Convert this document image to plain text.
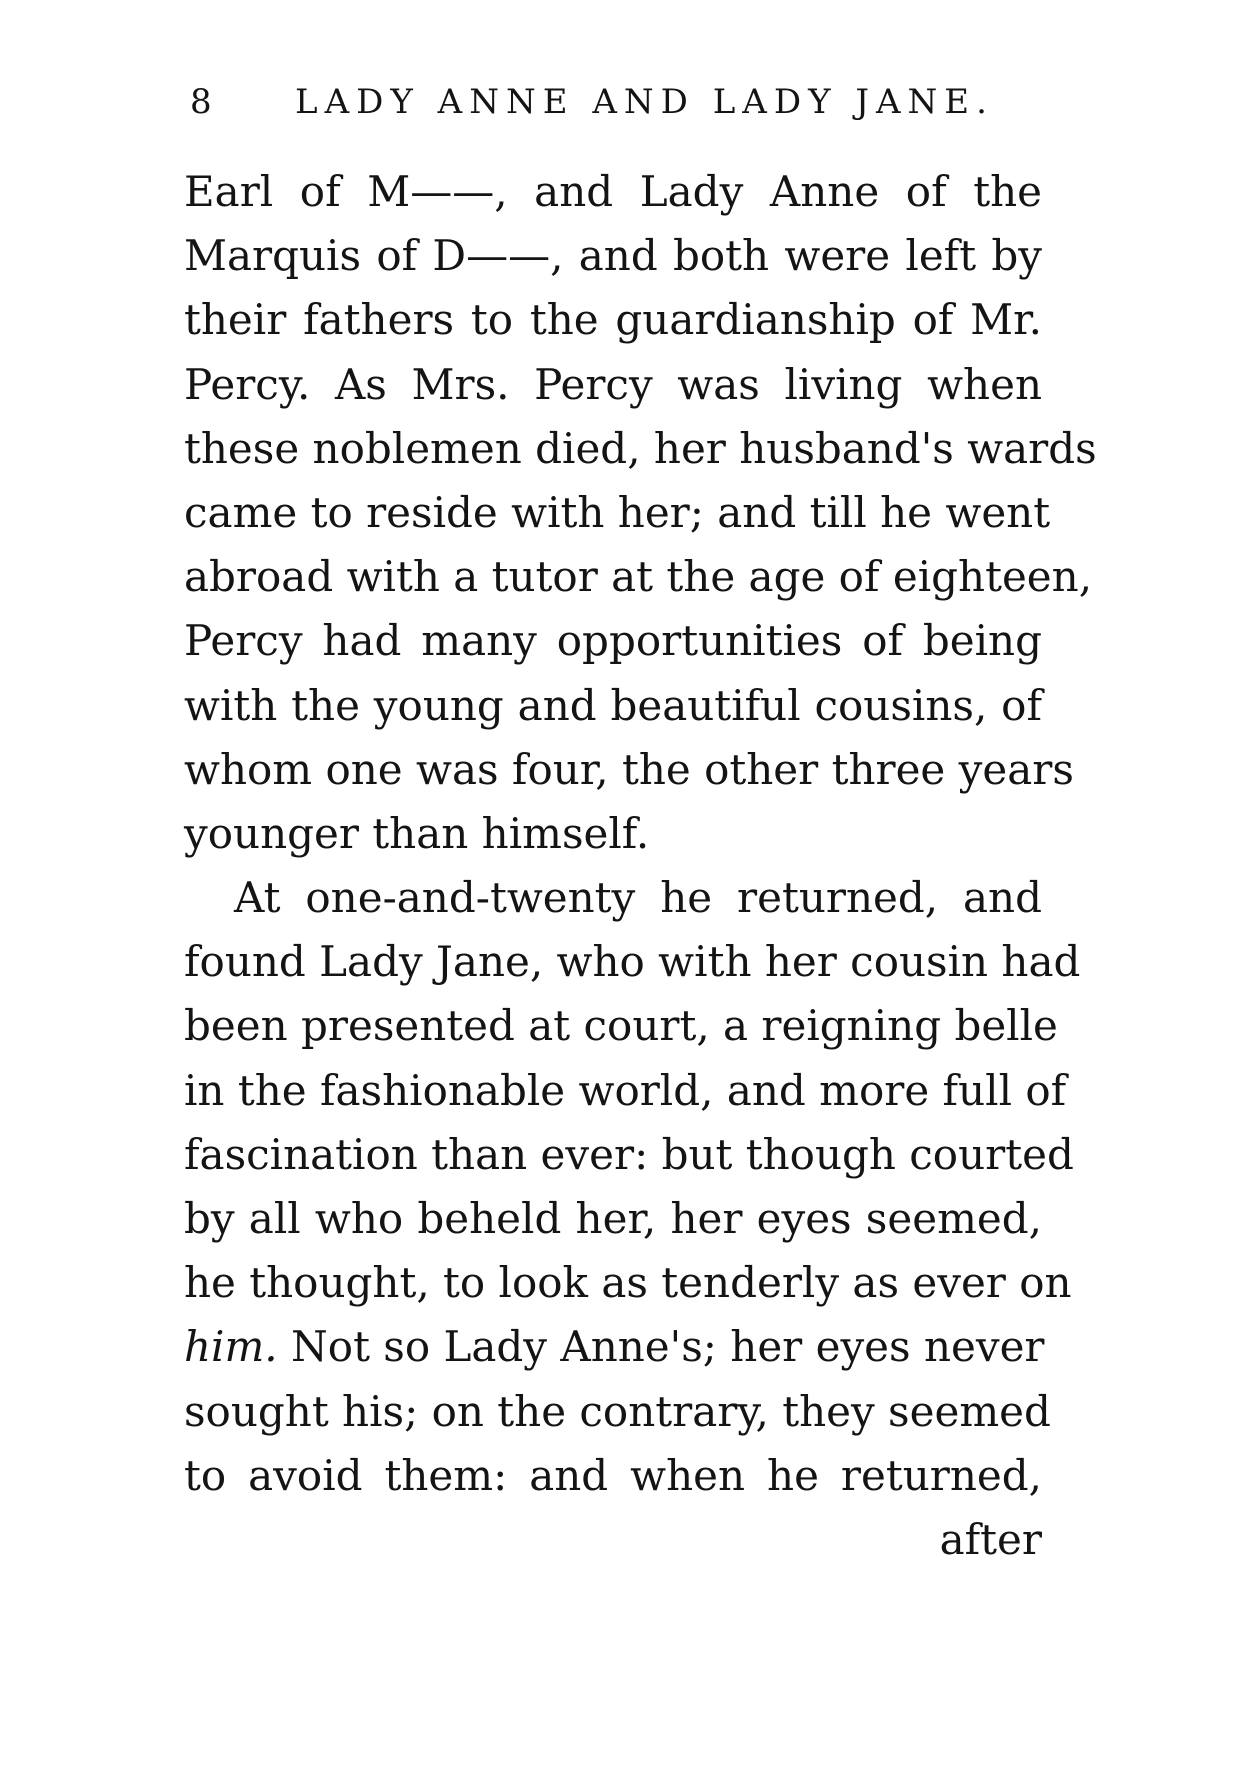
8 LADY ANNE AND LADY JANE.
Earl of M——, and Lady Anne of the
Marquis of D——, and both were left by
their fathers to the guardianship of Mr.
Percy. As Mrs. Percy was living when
these noblemen died, her husband's wards
came to reside with her; and till he went
abroad with a tutor at the age of eighteen,
Percy had many opportunities of being
with the young and beautiful cousins, of
whom one was four, the other three years
younger than himself.
At one-and-twenty he returned, and
found Lady Jane, who with her cousin had
been presented at court, a reigning belle
in the fashionable world, and more full of
fascination than ever: but though courted
by all who beheld her, her eyes seemed,
he thought, to look as tenderly as ever on
him. Not so Lady Anne's; her eyes never
sought his; on the contrary, they seemed
to avoid them: and when he returned,
after
